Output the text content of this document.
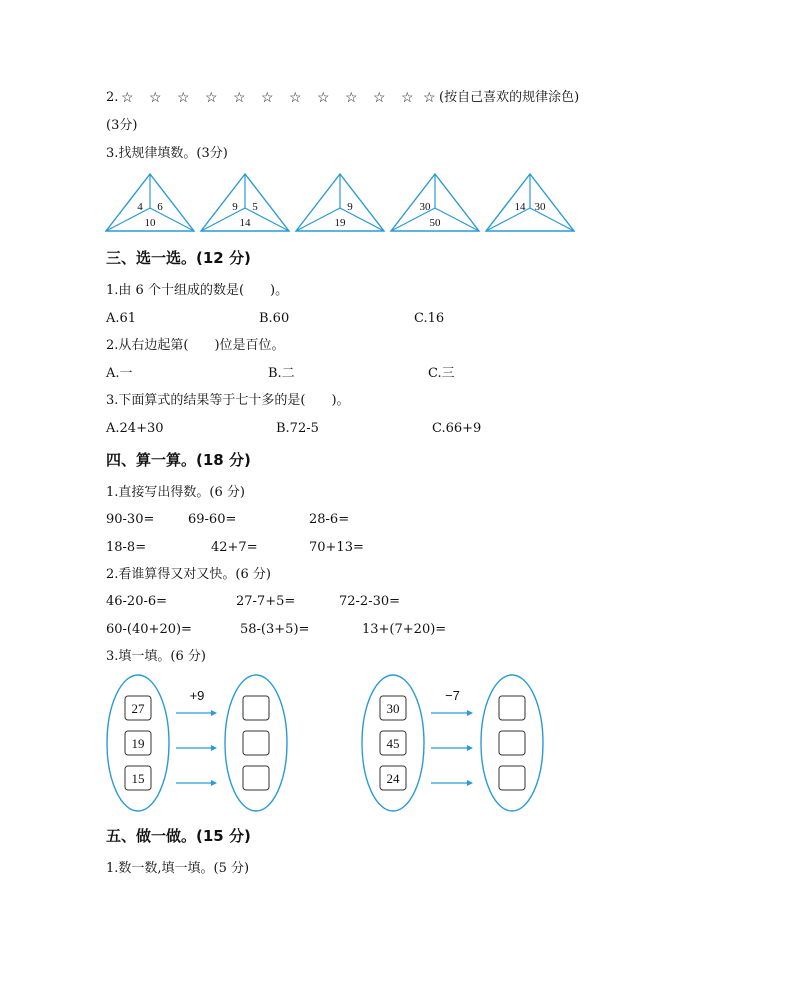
2. ☆ ☆ ☆ ☆ ☆ ☆ ☆ ☆ ☆ ☆ ☆ ☆ (按自己喜欢的规律涂色)
(3分)
3.找规律填数。(3分)
4 6
10
9 5
14
9
19
30
50
14 30
三、选一选。(12 分)
1.由 6 个十组成的数是(　　)。
A.61	B.60	C.16
2.从右边起第(　　)位是百位。
A.一	B.二	C.三
3.下面算式的结果等于七十多的是(　　)。
A.24+30	B.72-5	C.66+9
四、算一算。(18 分)
1.直接写出得数。(6 分)
90-30=	69-60=	28-6=
18-8=	42+7=	70+13=
2.看谁算得又对又快。(6 分)
46-20-6=	27-7+5=	72-2-30=
60-(40+20)=	58-(3+5)=	13+(7+20)=
3.填一填。(6 分)
+9
27
19
15
−7
30
45
24
五、做一做。(15 分)
1.数一数,填一填。(5 分)
